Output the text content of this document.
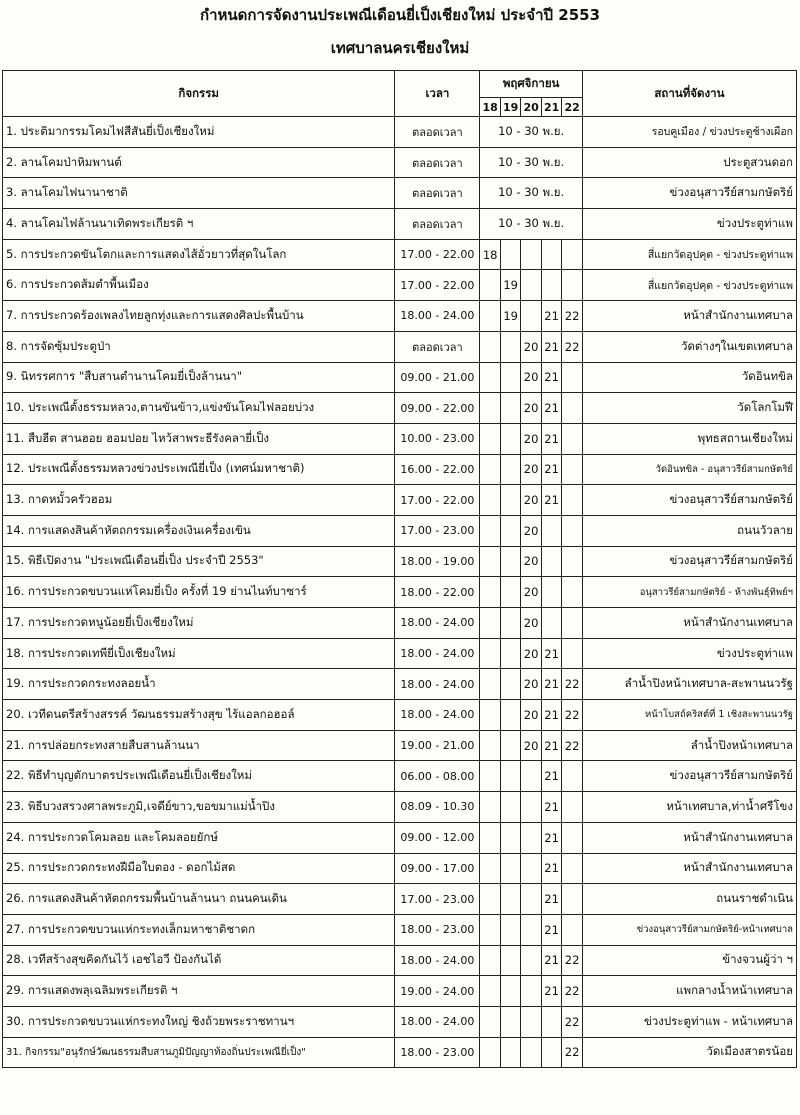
กำหนดการจัดงานประเพณีเดือนยี่เป็งเชียงใหม่ ประจำปี 2553
เทศบาลนครเชียงใหม่
กิจกรรม	เวลา	พฤศจิกายน					สถานที่จัดงาน
		18	19	20	21	22	
1. ประติมากรรมโคมไฟสีสันยี่เป็งเชียงใหม่	ตลอดเวลา	10 - 30 พ.ย.					รอบคูเมือง / ข่วงประตูช้างเผือก
2. ลานโคมป่าหิมพานต์	ตลอดเวลา	10 - 30 พ.ย.					ประตูสวนดอก
3. ลานโคมไฟนานาชาติ	ตลอดเวลา	10 - 30 พ.ย.					ข่วงอนุสาวรีย์สามกษัตริย์
4. ลานโคมไฟล้านนาเทิดพระเกียรติ ฯ	ตลอดเวลา	10 - 30 พ.ย.					ข่วงประตูท่าแพ
5. การประกวดขันโตกและการแสดงไส้อั่วยาวที่สุดในโลก	17.00 - 22.00	18					สี่แยกวัดอุปคุต - ข่วงประตูท่าแพ
6. การประกวดส้มตำพื้นเมือง	17.00 - 22.00		19				สี่แยกวัดอุปคุต - ข่วงประตูท่าแพ
7. การประกวดร้องเพลงไทยลูกทุ่งและการแสดงศิลปะพื้นบ้าน	18.00 - 24.00		19		21	22	หน้าสำนักงานเทศบาล
8. การจัดซุ้มประตูป่า	ตลอดเวลา			20	21	22	วัดต่างๆในเขตเทศบาล
9. นิทรรศการ "สืบสานตำนานโคมยี่เป็งล้านนา"	09.00 - 21.00			20	21		วัดอินทขิล
10. ประเพณีตั้งธรรมหลวง,ตานขันข้าว,แข่งขันโคมไฟลอยบ่วง	09.00 - 22.00			20	21		วัดโลกโมฬี
11. สืบฮีต สานฮอย ฮอมปอย ไหว้สาพระธีรังคลายี่เป็ง	10.00 - 23.00			20	21		พุทธสถานเชียงใหม่
12. ประเพณีตั้งธรรมหลวงข่วงประเพณียี่เป็ง (เทศน์มหาชาติ)	16.00 - 22.00			20	21		วัดอินทขิล - อนุสาวรีย์สามกษัตริย์
13. กาดหมั้วครัวฮอม	17.00 - 22.00			20	21		ข่วงอนุสาวรีย์สามกษัตริย์
14. การแสดงสินค้าหัตถกรรมเครื่องเงินเครื่องเขิน	17.00 - 23.00			20			ถนนวัวลาย
15. พิธีเปิดงาน "ประเพณีเดือนยี่เป็ง ประจำปี 2553"	18.00 - 19.00			20			ข่วงอนุสาวรีย์สามกษัตริย์
16. การประกวดขบวนแห่โคมยี่เป็ง ครั้งที่ 19 ย่านไนท์บาซาร์	18.00 - 22.00			20			อนุสาวรีย์สามกษัตริย์ - ห้างพันธุ์ทิพย์ฯ
17. การประกวดหนูน้อยยี่เป็งเชียงใหม่	18.00 - 24.00			20			หน้าสำนักงานเทศบาล
18. การประกวดเทพียี่เป็งเชียงใหม่	18.00 - 24.00			20	21		ข่วงประตูท่าแพ
19. การประกวดกระทงลอยน้ำ	18.00 - 24.00			20	21	22	ลำน้ำปิงหน้าเทศบาล-สะพานนวรัฐ
20. เวทีดนตรีสร้างสรรค์ วัฒนธรรมสร้างสุข ไร้แอลกอฮอล์	18.00 - 24.00			20	21	22	หน้าโบสถ์คริสต์ที่ 1 เชิงสะพานนวรัฐ
21. การปล่อยกระทงสายสืบสานล้านนา	19.00 - 21.00			20	21	22	ลำน้ำปิงหน้าเทศบาล
22. พิธีทำบุญตักบาตรประเพณีเดือนยี่เป็งเชียงใหม่	06.00 - 08.00				21		ข่วงอนุสาวรีย์สามกษัตริย์
23. พิธีบวงสรวงศาลพระภูมิ,เจดีย์ขาว,ขอขมาแม่น้ำปิง	08.09 - 10.30				21		หน้าเทศบาล,ท่าน้ำศรีโขง
24. การประกวดโคมลอย และโคมลอยยักษ์	09.00 - 12.00				21		หน้าสำนักงานเทศบาล
25. การประกวดกระทงฝีมือใบตอง - ดอกไม้สด	09.00 - 17.00				21		หน้าสำนักงานเทศบาล
26. การแสดงสินค้าหัตถกรรมพื้นบ้านล้านนา ถนนคนเดิน	17.00 - 23.00				21		ถนนราชดำเนิน
27. การประกวดขบวนแห่กระทงเล็กมหาชาติชาดก	18.00 - 23.00				21		ข่วงอนุสาวรีย์สามกษัตริย์-หน้าเทศบาล
28. เวทีสร้างสุขคิดกันไว้ เอชไอวี ป้องกันได้	18.00 - 24.00				21	22	ข้างจวนผู้ว่า ฯ
29. การแสดงพลุเฉลิมพระเกียรติ ฯ	19.00 - 24.00				21	22	แพกลางน้ำหน้าเทศบาล
30. การประกวดขบวนแห่กระทงใหญ่ ชิงถ้วยพระราชทานฯ	18.00 - 24.00					22	ข่วงประตูท่าแพ - หน้าเทศบาล
31. กิจกรรม"อนุรักษ์วัฒนธรรมสืบสานภูมิปัญญาท้องถิ่นประเพณียี่เป็ง"	18.00 - 23.00					22	วัดเมืองสาตรน้อย
